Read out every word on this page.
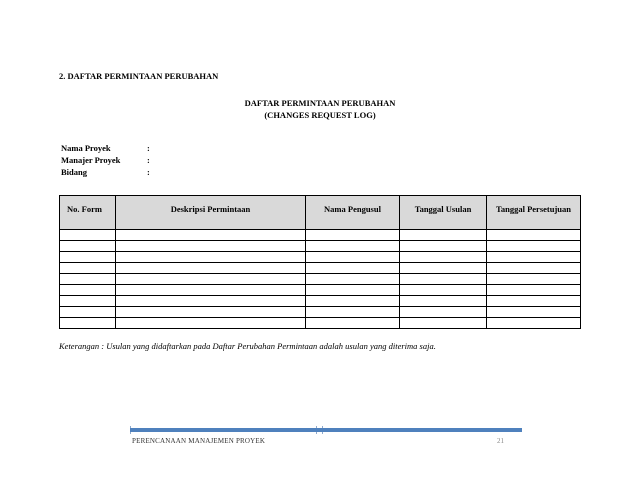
2. DAFTAR PERMINTAAN PERUBAHAN
DAFTAR PERMINTAAN PERUBAHAN
(CHANGES REQUEST LOG)
Nama Proyek	:
Manajer Proyek	:
Bidang	:
No. Form	Deskripsi Permintaan	Nama Pengusul	Tanggal Usulan	Tanggal Persetujuan

Keterangan : Usulan yang didaftarkan pada Daftar Perubahan Permintaan adalah usulan yang diterima saja.
PERENCANAAN MANAJEMEN PROYEK	21
